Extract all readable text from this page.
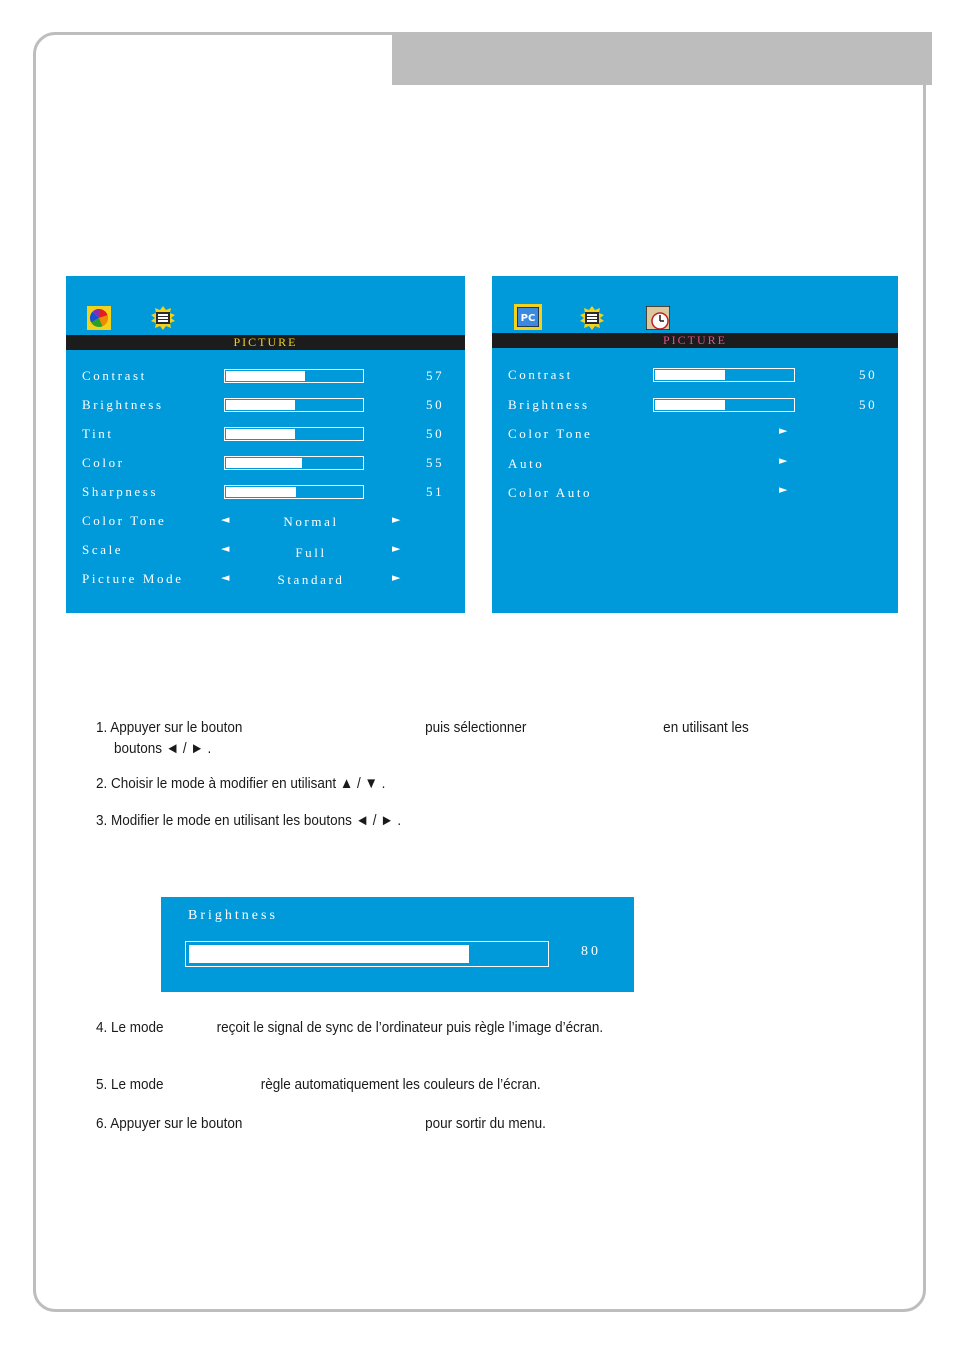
PICTURE
Contrast	57
Brightness	50
Tint	50
Color	55
Sharpness	51
Color Tone	◄	Normal	►
Scale	◄	Full	►
Picture Mode	◄	Standard	►
PC
PICTURE
Contrast	50
Brightness	50
Color Tone	►
Auto	►
Color Auto	►
1. Appuyer sur le bouton	puis sélectionner	en utilisant les
boutons ◄ / ► .
2. Choisir le mode à modifier en utilisant ▲ / ▼ .
3. Modifier le mode en utilisant les boutons ◄ / ► .
Brightness
80
4. Le mode	reçoit le signal de sync de l’ordinateur puis règle l’image d’écran.
5. Le mode	règle automatiquement les couleurs de l’écran.
6. Appuyer sur le bouton	pour sortir du menu.
